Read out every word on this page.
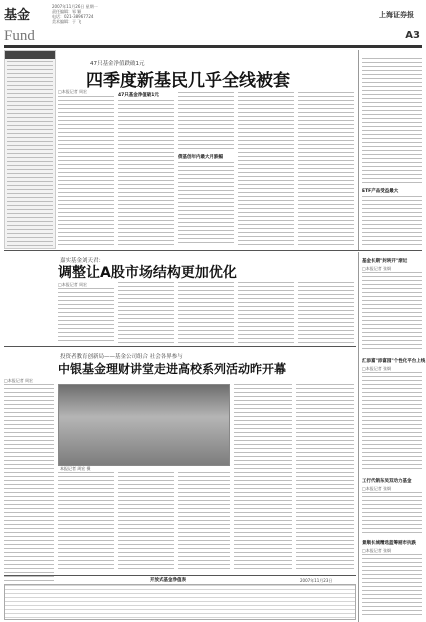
基金
Fund
2007年11月26日 星期一
责任编辑：邹 颖
电话：021-38967724
美术编辑：于 飞
上海证券报
A3
47只基金净值跌破1元
四季度新基民几乎全线被套
□本报记者 周宏
47只基金净值破1元
债基创年内最大月跌幅
ETF产品受益最大
嘉实基金刘天君：
调整让A股市场结构更加优化
□本报记者 周宏
基金长期"封转开"渐近
□本报记者 张炯
投资者教育创新局——基金公司组合 社会各界参与
中银基金理财讲堂走进高校系列活动昨开幕
□本报记者 周宏
本报记者 周宏 摄
汇添富"添富园"个性化平台上线
□本报记者 张炯
工行代销东吴双动力基金
□本报记者 张炯
景顺长城精选蓝筹剔市抗跌
□本报记者 张炯
开放式基金净值表	2007年11月23日
